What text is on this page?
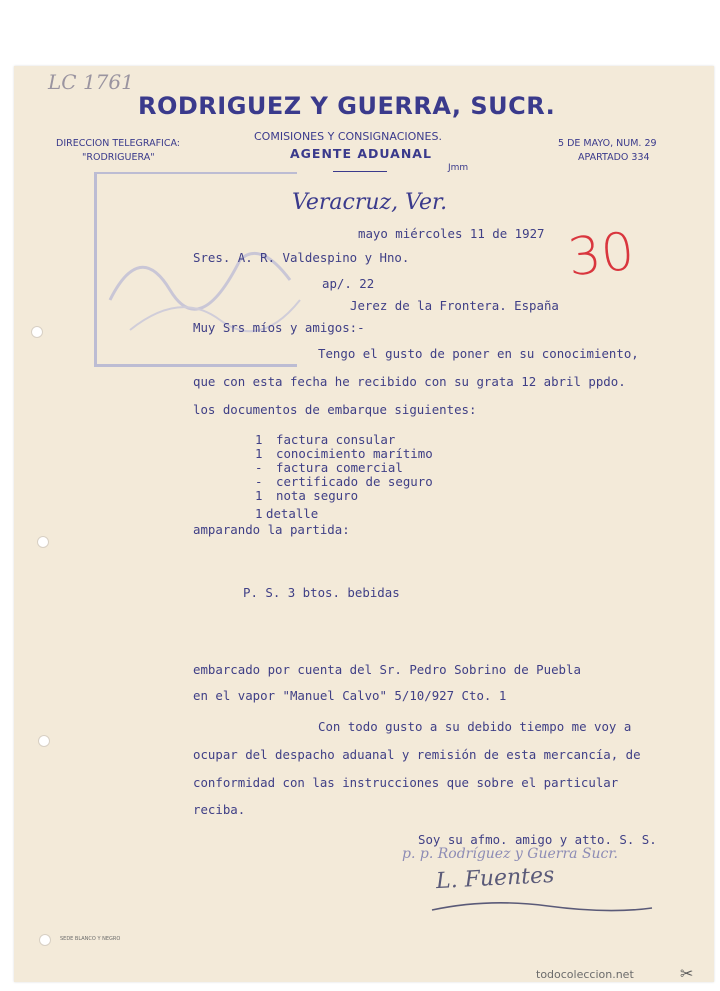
LC 1761
RODRIGUEZ Y GUERRA, SUCR.
COMISIONES Y CONSIGNACIONES.
AGENTE ADUANAL
Jmm
DIRECCION TELEGRAFICA:
"RODRIGUERA"
5 DE MAYO, NUM. 29
APARTADO 334
Veracruz, Ver.
30
mayo miércoles 11 de 1927
Sres. A. R. Valdespino y Hno.
ap/. 22
Jerez de la Frontera. España
Muy Srs míos y amigos:-
Tengo el gusto de poner en su conocimiento,
que con esta fecha he recibido con su grata 12 abril ppdo.
los documentos de embarque siguientes:
1 factura consular
1 conocimiento marítimo
- factura comercial
- certificado de seguro
1 nota seguro
1 detalle
amparando la partida:
P. S. 3 btos. bebidas
embarcado por cuenta del Sr. Pedro Sobrino de Puebla
en el vapor "Manuel Calvo" 5/10/927 Cto. 1
Con todo gusto a su debido tiempo me voy a
ocupar del despacho aduanal y remisión de esta mercancía, de
conformidad con las instrucciones que sobre el particular
reciba.
Soy su afmo. amigo y atto. S. S.
p. p. Rodríguez y Guerra Sucr.
L. Fuentes
SEDE BLANCO Y NEGRO
todocoleccion.net	✂
